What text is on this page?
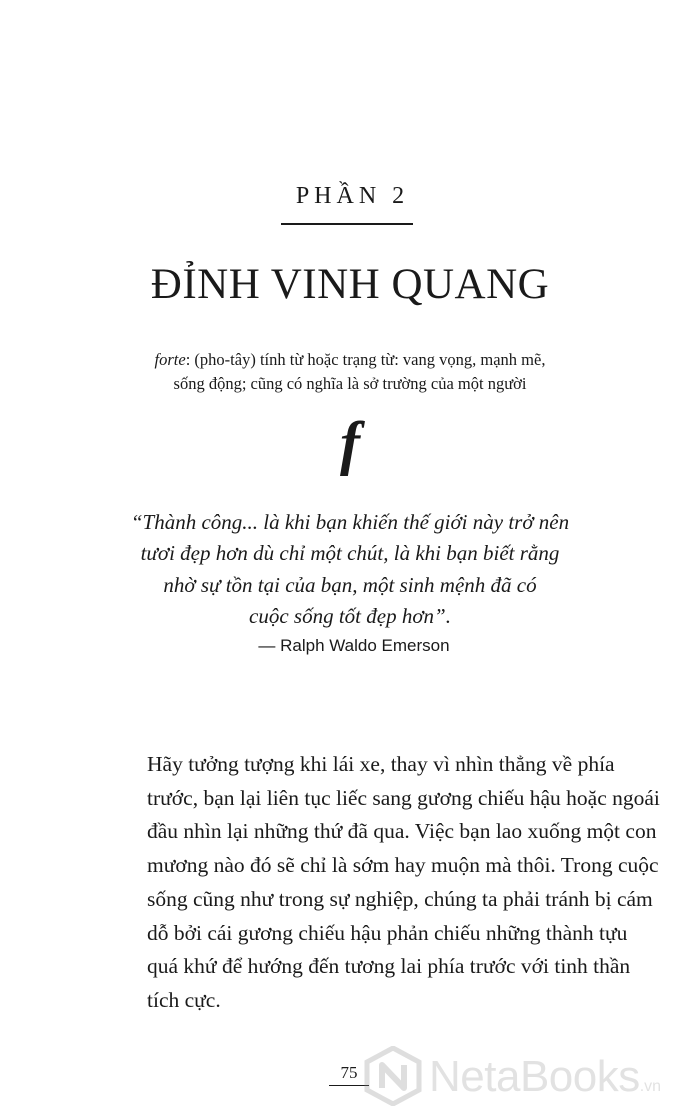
PHẦN 2
ĐỈNH VINH QUANG
forte: (pho-tây) tính từ hoặc trạng từ: vang vọng, mạnh mẽ,
sống động; cũng có nghĩa là sở trường của một người
f
“Thành công... là khi bạn khiến thế giới này trở nên
tươi đẹp hơn dù chỉ một chút, là khi bạn biết rằng
nhờ sự tồn tại của bạn, một sinh mệnh đã có
cuộc sống tốt đẹp hơn”.
— Ralph Waldo Emerson
Hãy tưởng tượng khi lái xe, thay vì nhìn thẳng về phía
trước, bạn lại liên tục liếc sang gương chiếu hậu hoặc ngoái
đầu nhìn lại những thứ đã qua. Việc bạn lao xuống một con
mương nào đó sẽ chỉ là sớm hay muộn mà thôi. Trong cuộc
sống cũng như trong sự nghiệp, chúng ta phải tránh bị cám
dỗ bởi cái gương chiếu hậu phản chiếu những thành tựu
quá khứ để hướng đến tương lai phía trước với tinh thần
tích cực.
75	NetaBooks.vn
